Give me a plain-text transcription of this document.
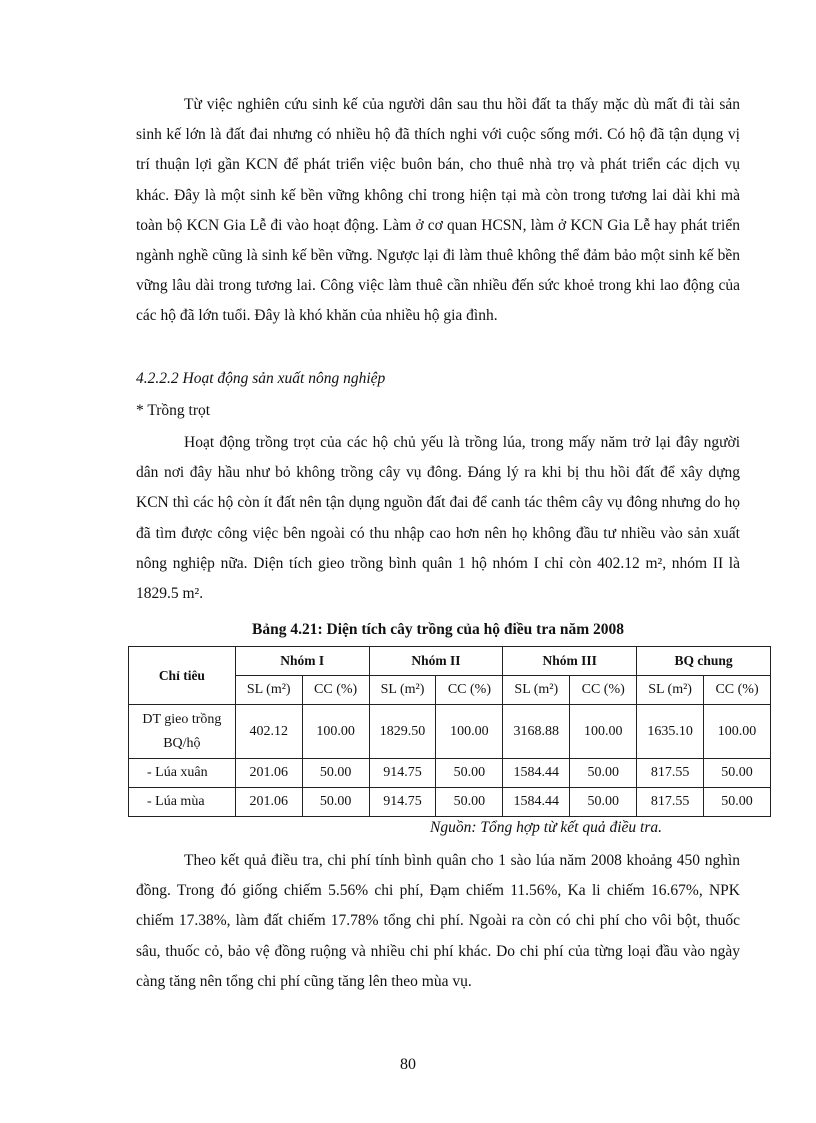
Từ việc nghiên cứu sinh kế của người dân sau thu hồi đất ta thấy mặc dù mất đi tài sản sinh kế lớn là đất đai nhưng có nhiều hộ đã thích nghi với cuộc sống mới. Có hộ đã tận dụng vị trí thuận lợi gần KCN để phát triển việc buôn bán, cho thuê nhà trọ và phát triển các dịch vụ khác. Đây là một sinh kế bền vững không chỉ trong hiện tại mà còn trong tương lai dài khi mà toàn bộ KCN Gia Lễ đi vào hoạt động. Làm ở cơ quan HCSN, làm ở KCN Gia Lễ hay phát triển ngành nghề cũng là sinh kế bền vững. Ngược lại đi làm thuê không thể đảm bảo một sinh kế bền vững lâu dài trong tương lai. Công việc làm thuê cần nhiều đến sức khoẻ trong khi lao động của các hộ đã lớn tuổi. Đây là khó khăn của nhiều hộ gia đình.

4.2.2.2 Hoạt động sản xuất nông nghiệp

* Trồng trọt

Hoạt động trồng trọt của các hộ chủ yếu là trồng lúa, trong mấy năm trở lại đây người dân nơi đây hầu như bỏ không trồng cây vụ đông. Đáng lý ra khi bị thu hồi đất để xây dựng KCN thì các hộ còn ít đất nên tận dụng nguồn đất đai để canh tác thêm cây vụ đông nhưng do họ đã tìm được công việc bên ngoài có thu nhập cao hơn nên họ không đầu tư nhiều vào sản xuất nông nghiệp nữa. Diện tích gieo trồng bình quân 1 hộ nhóm I chỉ còn 402.12 m², nhóm II là 1829.5 m².

Bảng 4.21: Diện tích cây trồng của hộ điều tra năm 2008

Chỉ tiêu	Nhóm I		Nhóm II		Nhóm III		BQ chung	
	SL (m²)	CC (%)	SL (m²)	CC (%)	SL (m²)	CC (%)	SL (m²)	CC (%)
DT gieo trồng BQ/hộ	402.12	100.00	1829.50	100.00	3168.88	100.00	1635.10	100.00
- Lúa xuân	201.06	50.00	914.75	50.00	1584.44	50.00	817.55	50.00
- Lúa mùa	201.06	50.00	914.75	50.00	1584.44	50.00	817.55	50.00

Nguồn: Tổng hợp từ kết quả điều tra.

Theo kết quả điều tra, chi phí tính bình quân cho 1 sào lúa năm 2008 khoảng 450 nghìn đồng. Trong đó giống chiếm 5.56% chi phí, Đạm chiếm 11.56%, Ka li chiếm 16.67%, NPK chiếm 17.38%, làm đất chiếm 17.78% tổng chi phí. Ngoài ra còn có chi phí cho vôi bột, thuốc sâu, thuốc cỏ, bảo vệ đồng ruộng và nhiều chi phí khác. Do chi phí của từng loại đầu vào ngày càng tăng nên tổng chi phí cũng tăng lên theo mùa vụ.

80
